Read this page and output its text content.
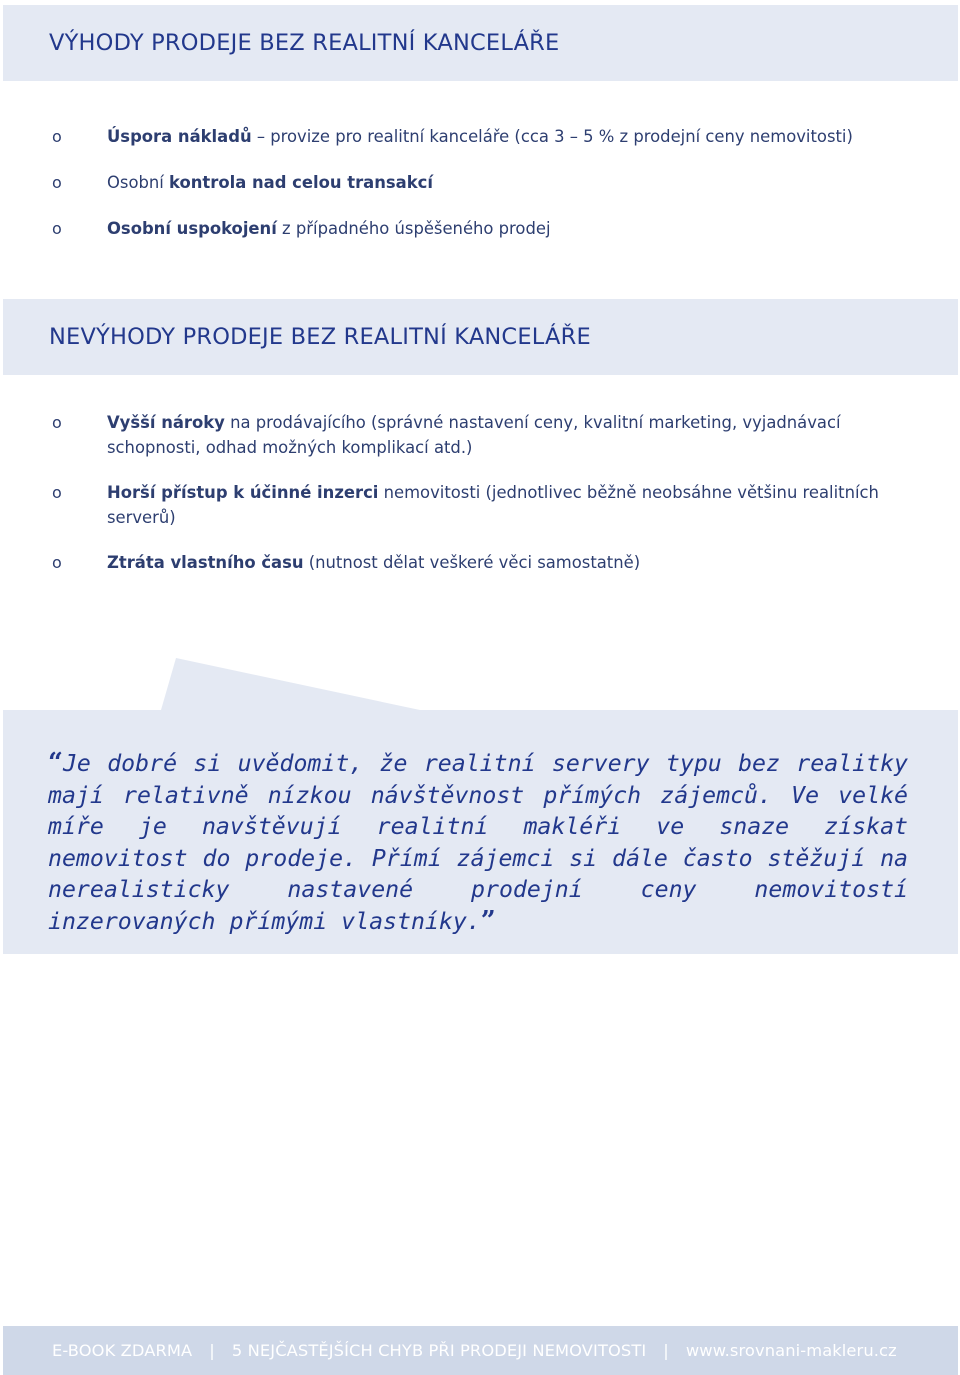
VÝHODY PRODEJE BEZ REALITNÍ KANCELÁŘE
o	Úspora nákladů – provize pro realitní kanceláře (cca 3 – 5 % z prodejní ceny nemovitosti)
o	Osobní kontrola nad celou transakcí
o	Osobní uspokojení z případného úspěšeného prodej
NEVÝHODY PRODEJE BEZ REALITNÍ KANCELÁŘE
o	Vyšší nároky na prodávajícího (správné nastavení ceny, kvalitní marketing, vyjadnávací schopnosti, odhad možných komplikací atd.)
o	Horší přístup k účinné inzerci nemovitosti (jednotlivec běžně neobsáhne většinu realitních serverů)
o	Ztráta vlastního času (nutnost dělat veškeré věci samostatně)

“Je dobré si uvědomit, že realitní servery typu bez realitky mají relativně nízkou návštěvnost přímých zájemců. Ve velké míře je navštěvují realitní makléři ve snaze získat nemovitost do prodeje. Přímí zájemci si dále často stěžují na nerealisticky nastavené prodejní ceny nemovitostí inzerovaných přímými vlastníky.”

E-BOOK ZDARMA | 5 NEJČASTĚJŠÍCH CHYB PŘI PRODEJI NEMOVITOSTI | www.srovnani-makleru.cz
